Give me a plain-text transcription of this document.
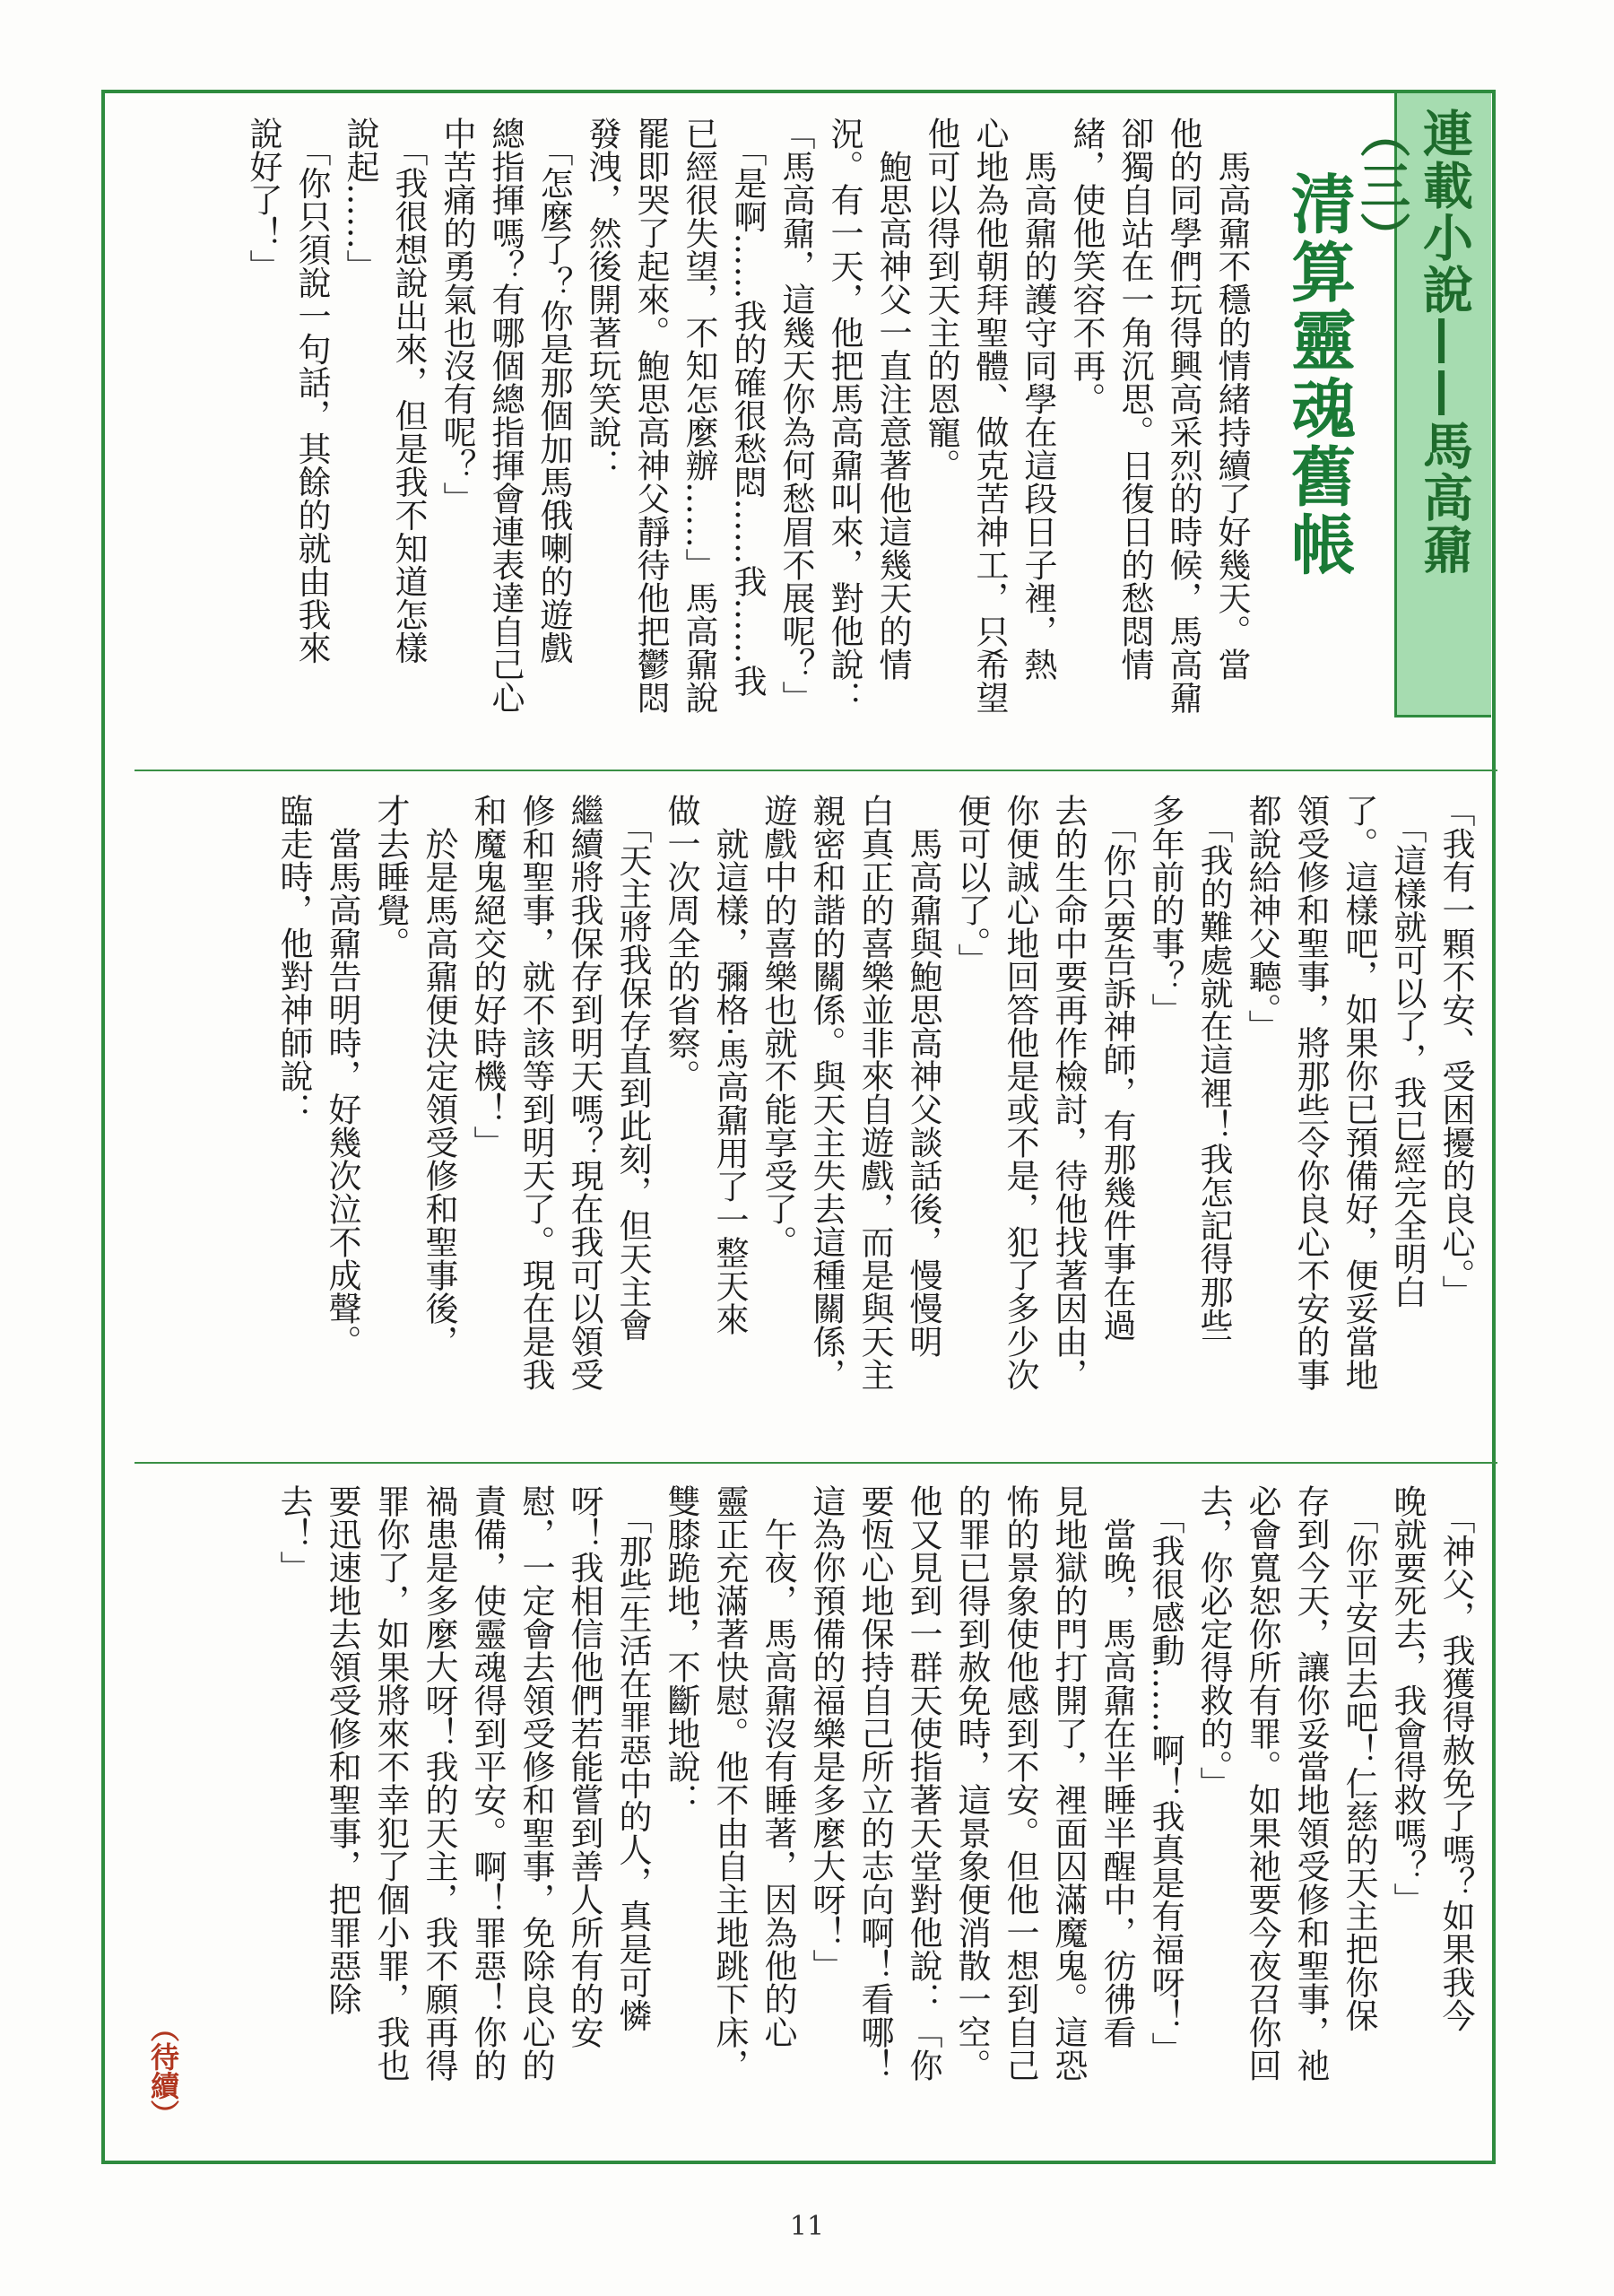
連載小說——馬高鼐（三）
清算靈魂舊帳

　馬高鼐不穩的情緒持續了好幾天。當

他的同學們玩得興高采烈的時候，馬高鼐

卻獨自站在一角沉思。日復日的愁悶情

緒，使他笑容不再。

　馬高鼐的護守同學在這段日子裡，熱

心地為他朝拜聖體、做克苦神工，只希望

他可以得到天主的恩寵。

　鮑思高神父一直注意著他這幾天的情

況。有一天，他把馬高鼐叫來，對他說：

「馬高鼐，這幾天你為何愁眉不展呢？」

　「是啊……我的確很愁悶……我……我

已經很失望，不知怎麼辦……」馬高鼐說

罷即哭了起來。鮑思高神父靜待他把鬱悶

發洩，然後開著玩笑說：

　「怎麼了？你是那個加馬俄喇的遊戲

總指揮嗎？有哪個總指揮會連表達自己心

中苦痛的勇氣也沒有呢？」

　「我很想說出來，但是我不知道怎樣

說起……」

　「你只須說一句話，其餘的就由我來

說好了！」

「我有一顆不安、受困擾的良心。」

　「這樣就可以了，我已經完全明白

了。這樣吧，如果你已預備好，便妥當地

領受修和聖事，將那些令你良心不安的事

都說給神父聽。」

　「我的難處就在這裡！我怎記得那些

多年前的事？」

　「你只要告訴神師，有那幾件事在過

去的生命中要再作檢討，待他找著因由，

你便誠心地回答他是或不是，犯了多少次

便可以了。」

　馬高鼐與鮑思高神父談話後，慢慢明

白真正的喜樂並非來自遊戲，而是與天主

親密和諧的關係。與天主失去這種關係，

遊戲中的喜樂也就不能享受了。

　就這樣，彌格‧馬高鼐用了一整天來

做一次周全的省察。

　「天主將我保存直到此刻，但天主會

繼續將我保存到明天嗎？現在我可以領受

修和聖事，就不該等到明天了。現在是我

和魔鬼絕交的好時機！」

　於是馬高鼐便決定領受修和聖事後，

才去睡覺。

　當馬高鼐告明時，好幾次泣不成聲。

臨走時，他對神師說：

　「神父，我獲得赦免了嗎？如果我今

晚就要死去，我會得救嗎？」

　「你平安回去吧！仁慈的天主把你保

存到今天，讓你妥當地領受修和聖事，祂

必會寬恕你所有罪。如果祂要今夜召你回

去，你必定得救的。」

　「我很感動……啊！我真是有福呀！」

　當晚，馬高鼐在半睡半醒中，彷彿看

見地獄的門打開了，裡面囚滿魔鬼。這恐

怖的景象使他感到不安。但他一想到自己

的罪已得到赦免時，這景象便消散一空。

他又見到一群天使指著天堂對他說：「你

要恆心地保持自己所立的志向啊！看哪！

這為你預備的福樂是多麼大呀！」

　午夜，馬高鼐沒有睡著，因為他的心

靈正充滿著快慰。他不由自主地跳下床，

雙膝跪地，不斷地說：

　「那些生活在罪惡中的人，真是可憐

呀！我相信他們若能嘗到善人所有的安

慰，一定會去領受修和聖事，免除良心的

責備，使靈魂得到平安。啊！罪惡！你的

禍患是多麼大呀！我的天主，我不願再得

罪你了，如果將來不幸犯了個小罪，我也

要迅速地去領受修和聖事，把罪惡除

去！」

（待續）
11
